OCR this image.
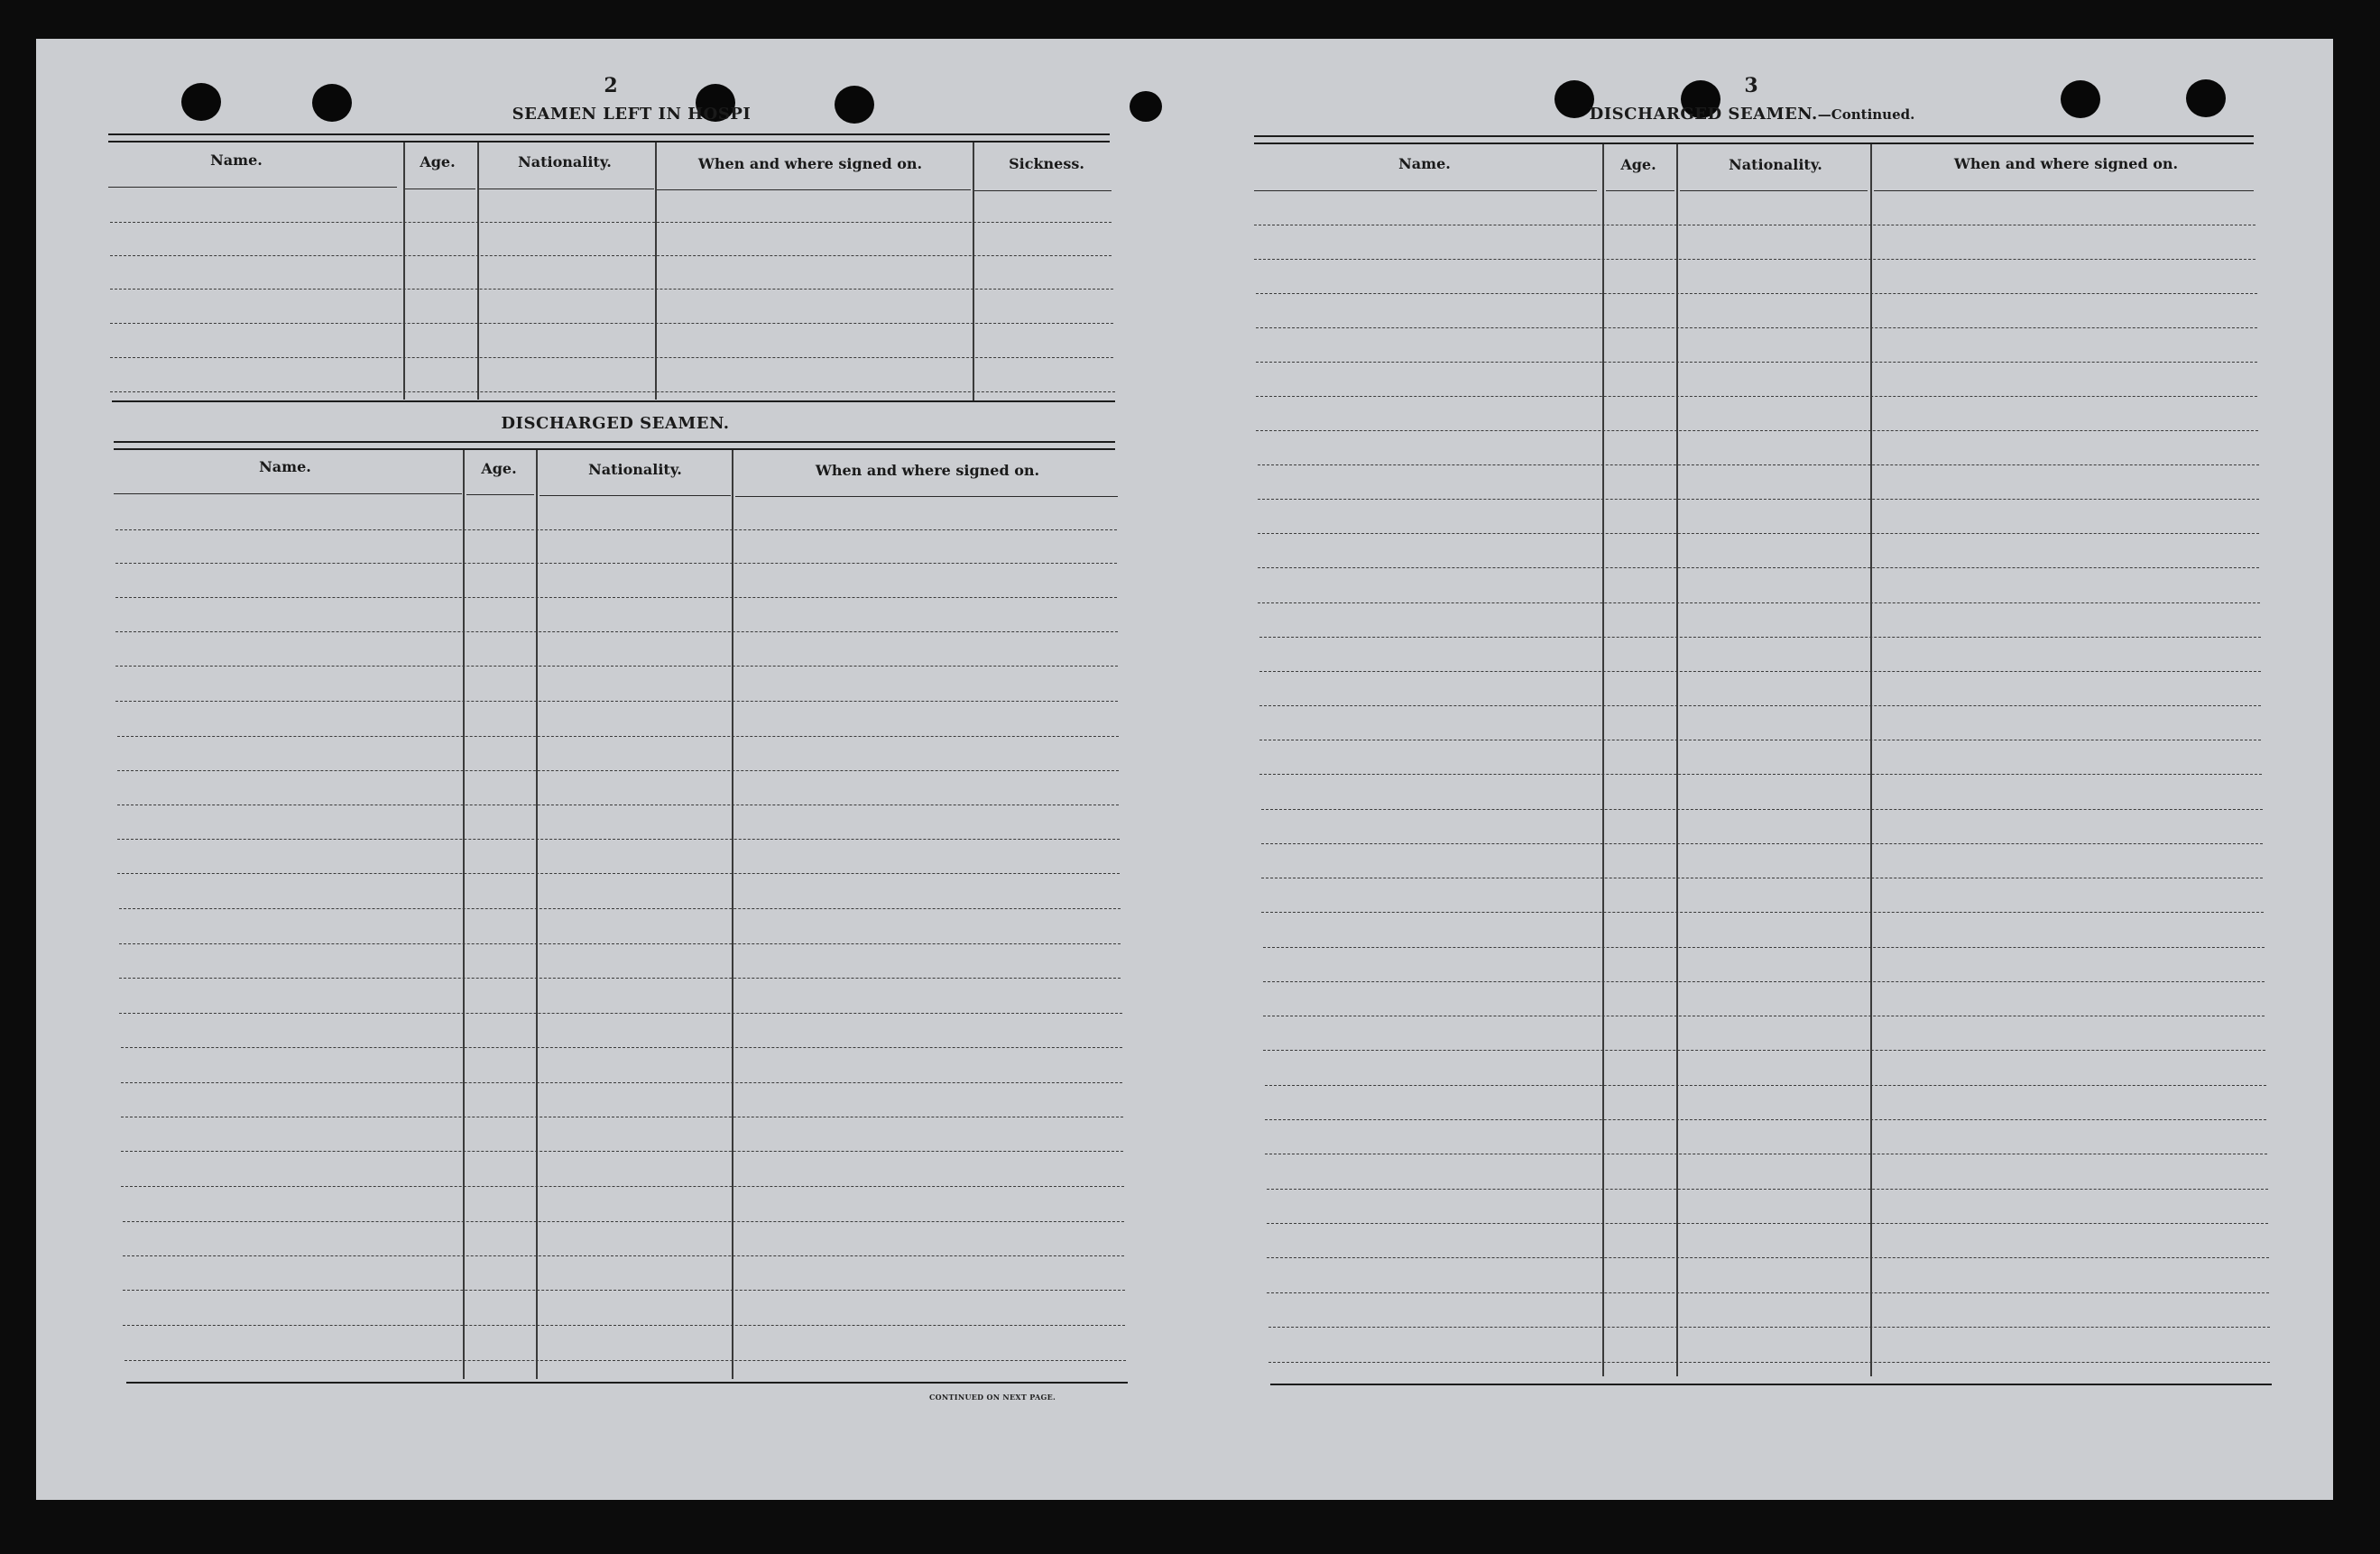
2
SEAMEN LEFT IN HOSPI
Name.	Age.	Nationality.	When and where signed on.	Sickness.
DISCHARGED SEAMEN.
Name.	Age.	Nationality.	When and where signed on.
CONTINUED ON NEXT PAGE.
3
DISCHARGED SEAMEN.—Continued.
Name.	Age.	Nationality.	When and where signed on.
